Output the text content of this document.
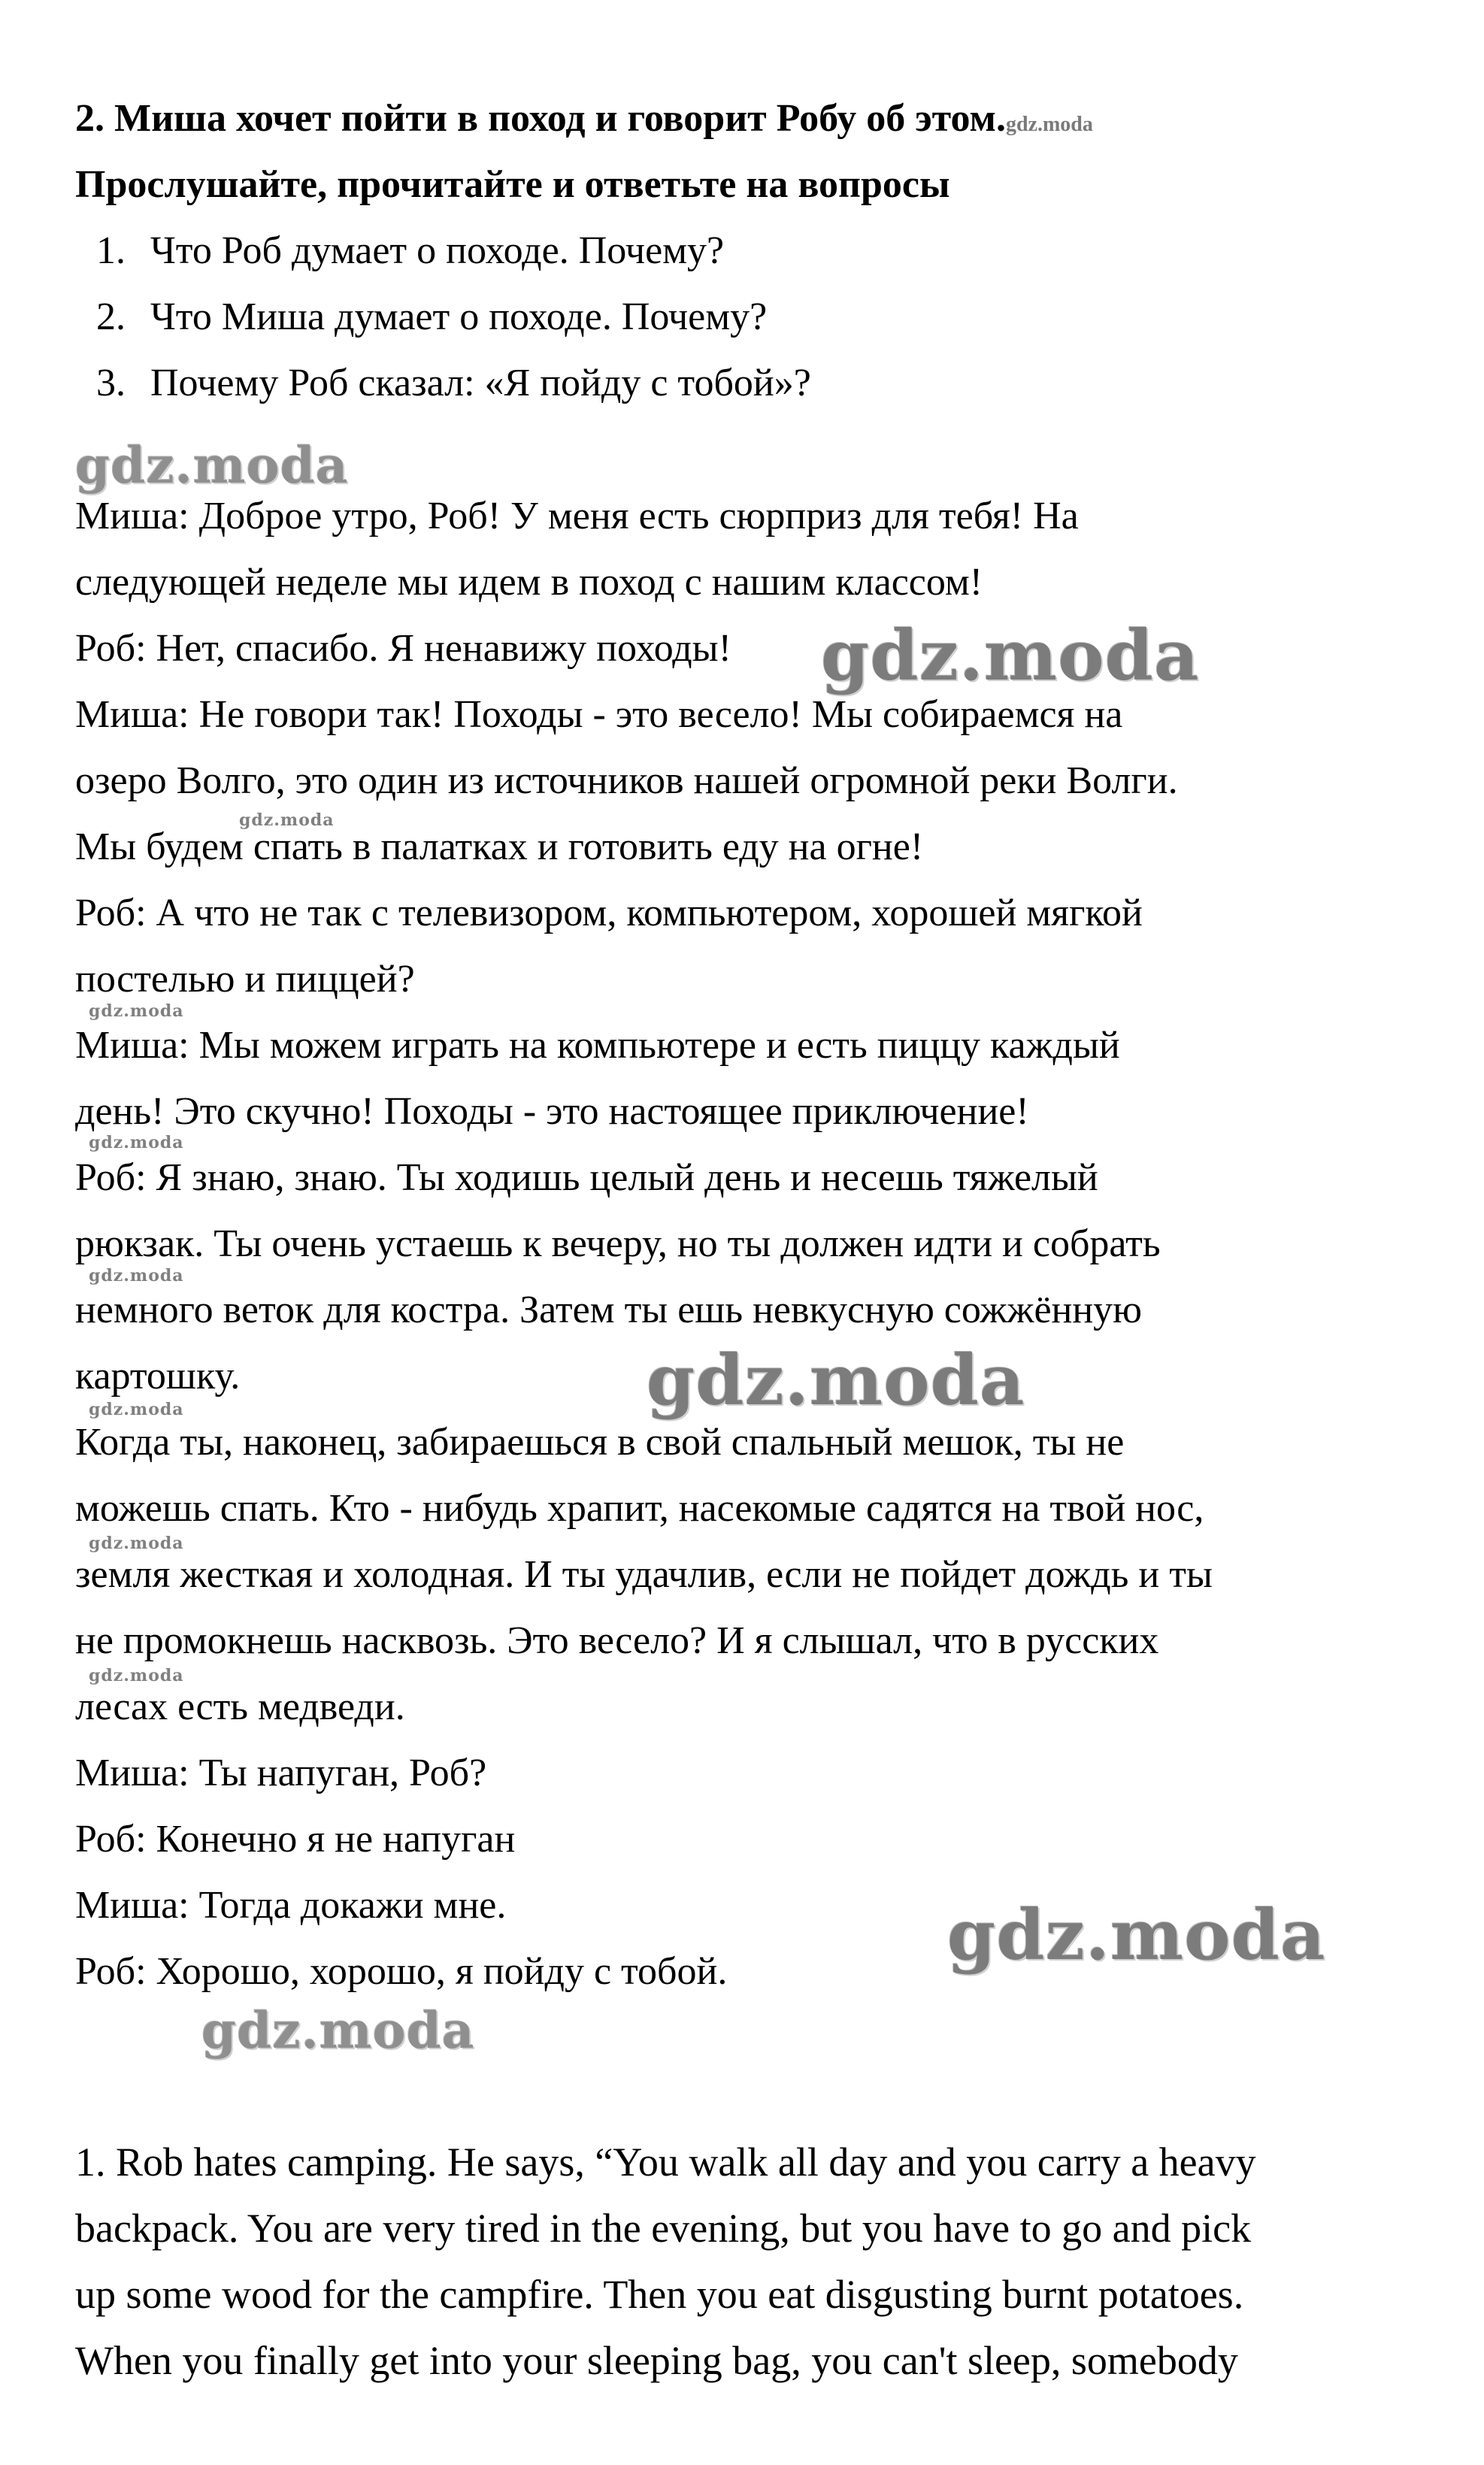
2. Миша хочет пойти в поход и говорит Робу об этом.gdz.moda
Прослушайте, прочитайте и ответьте на вопросы
1. Что Роб думает о походе. Почему?
2. Что Миша думает о походе. Почему?
3. Почему Роб сказал: «Я пойду с тобой»?
Миша: Доброе утро, Роб! У меня есть сюрприз для тебя! На
следующей неделе мы идем в поход с нашим классом!
Роб: Нет, спасибо. Я ненавижу походы!
Миша: Не говори так! Походы - это весело! Мы собираемся на
озеро Волго, это один из источников нашей огромной реки Волги.
Мы будем спать в палатках и готовить еду на огне!
Роб: А что не так с телевизором, компьютером, хорошей мягкой
постелью и пиццей?
Миша: Мы можем играть на компьютере и есть пиццу каждый
день! Это скучно! Походы - это настоящее приключение!
Роб: Я знаю, знаю. Ты ходишь целый день и несешь тяжелый
рюкзак. Ты очень устаешь к вечеру, но ты должен идти и собрать
немного веток для костра. Затем ты ешь невкусную сожжённую
картошку.
Когда ты, наконец, забираешься в свой спальный мешок, ты не
можешь спать. Кто - нибудь храпит, насекомые садятся на твой нос,
земля жесткая и холодная. И ты удачлив, если не пойдет дождь и ты
не промокнешь насквозь. Это весело? И я слышал, что в русских
лесах есть медведи.
Миша: Ты напуган, Роб?
Роб: Конечно я не напуган
Миша: Тогда докажи мне.
Роб: Хорошо, хорошо, я пойду с тобой.
1. Rob hates camping. He says, “You walk all day and you carry a heavy
backpack. You are very tired in the evening, but you have to go and pick
up some wood for the campfire. Then you eat disgusting burnt potatoes.
When you finally get into your sleeping bag, you can't sleep, somebody
gdz.moda
gdz.moda
gdz.moda
gdz.moda
gdz.moda
gdz.moda
gdz.moda
gdz.moda
gdz.moda
gdz.moda
gdz.moda
gdz.moda
